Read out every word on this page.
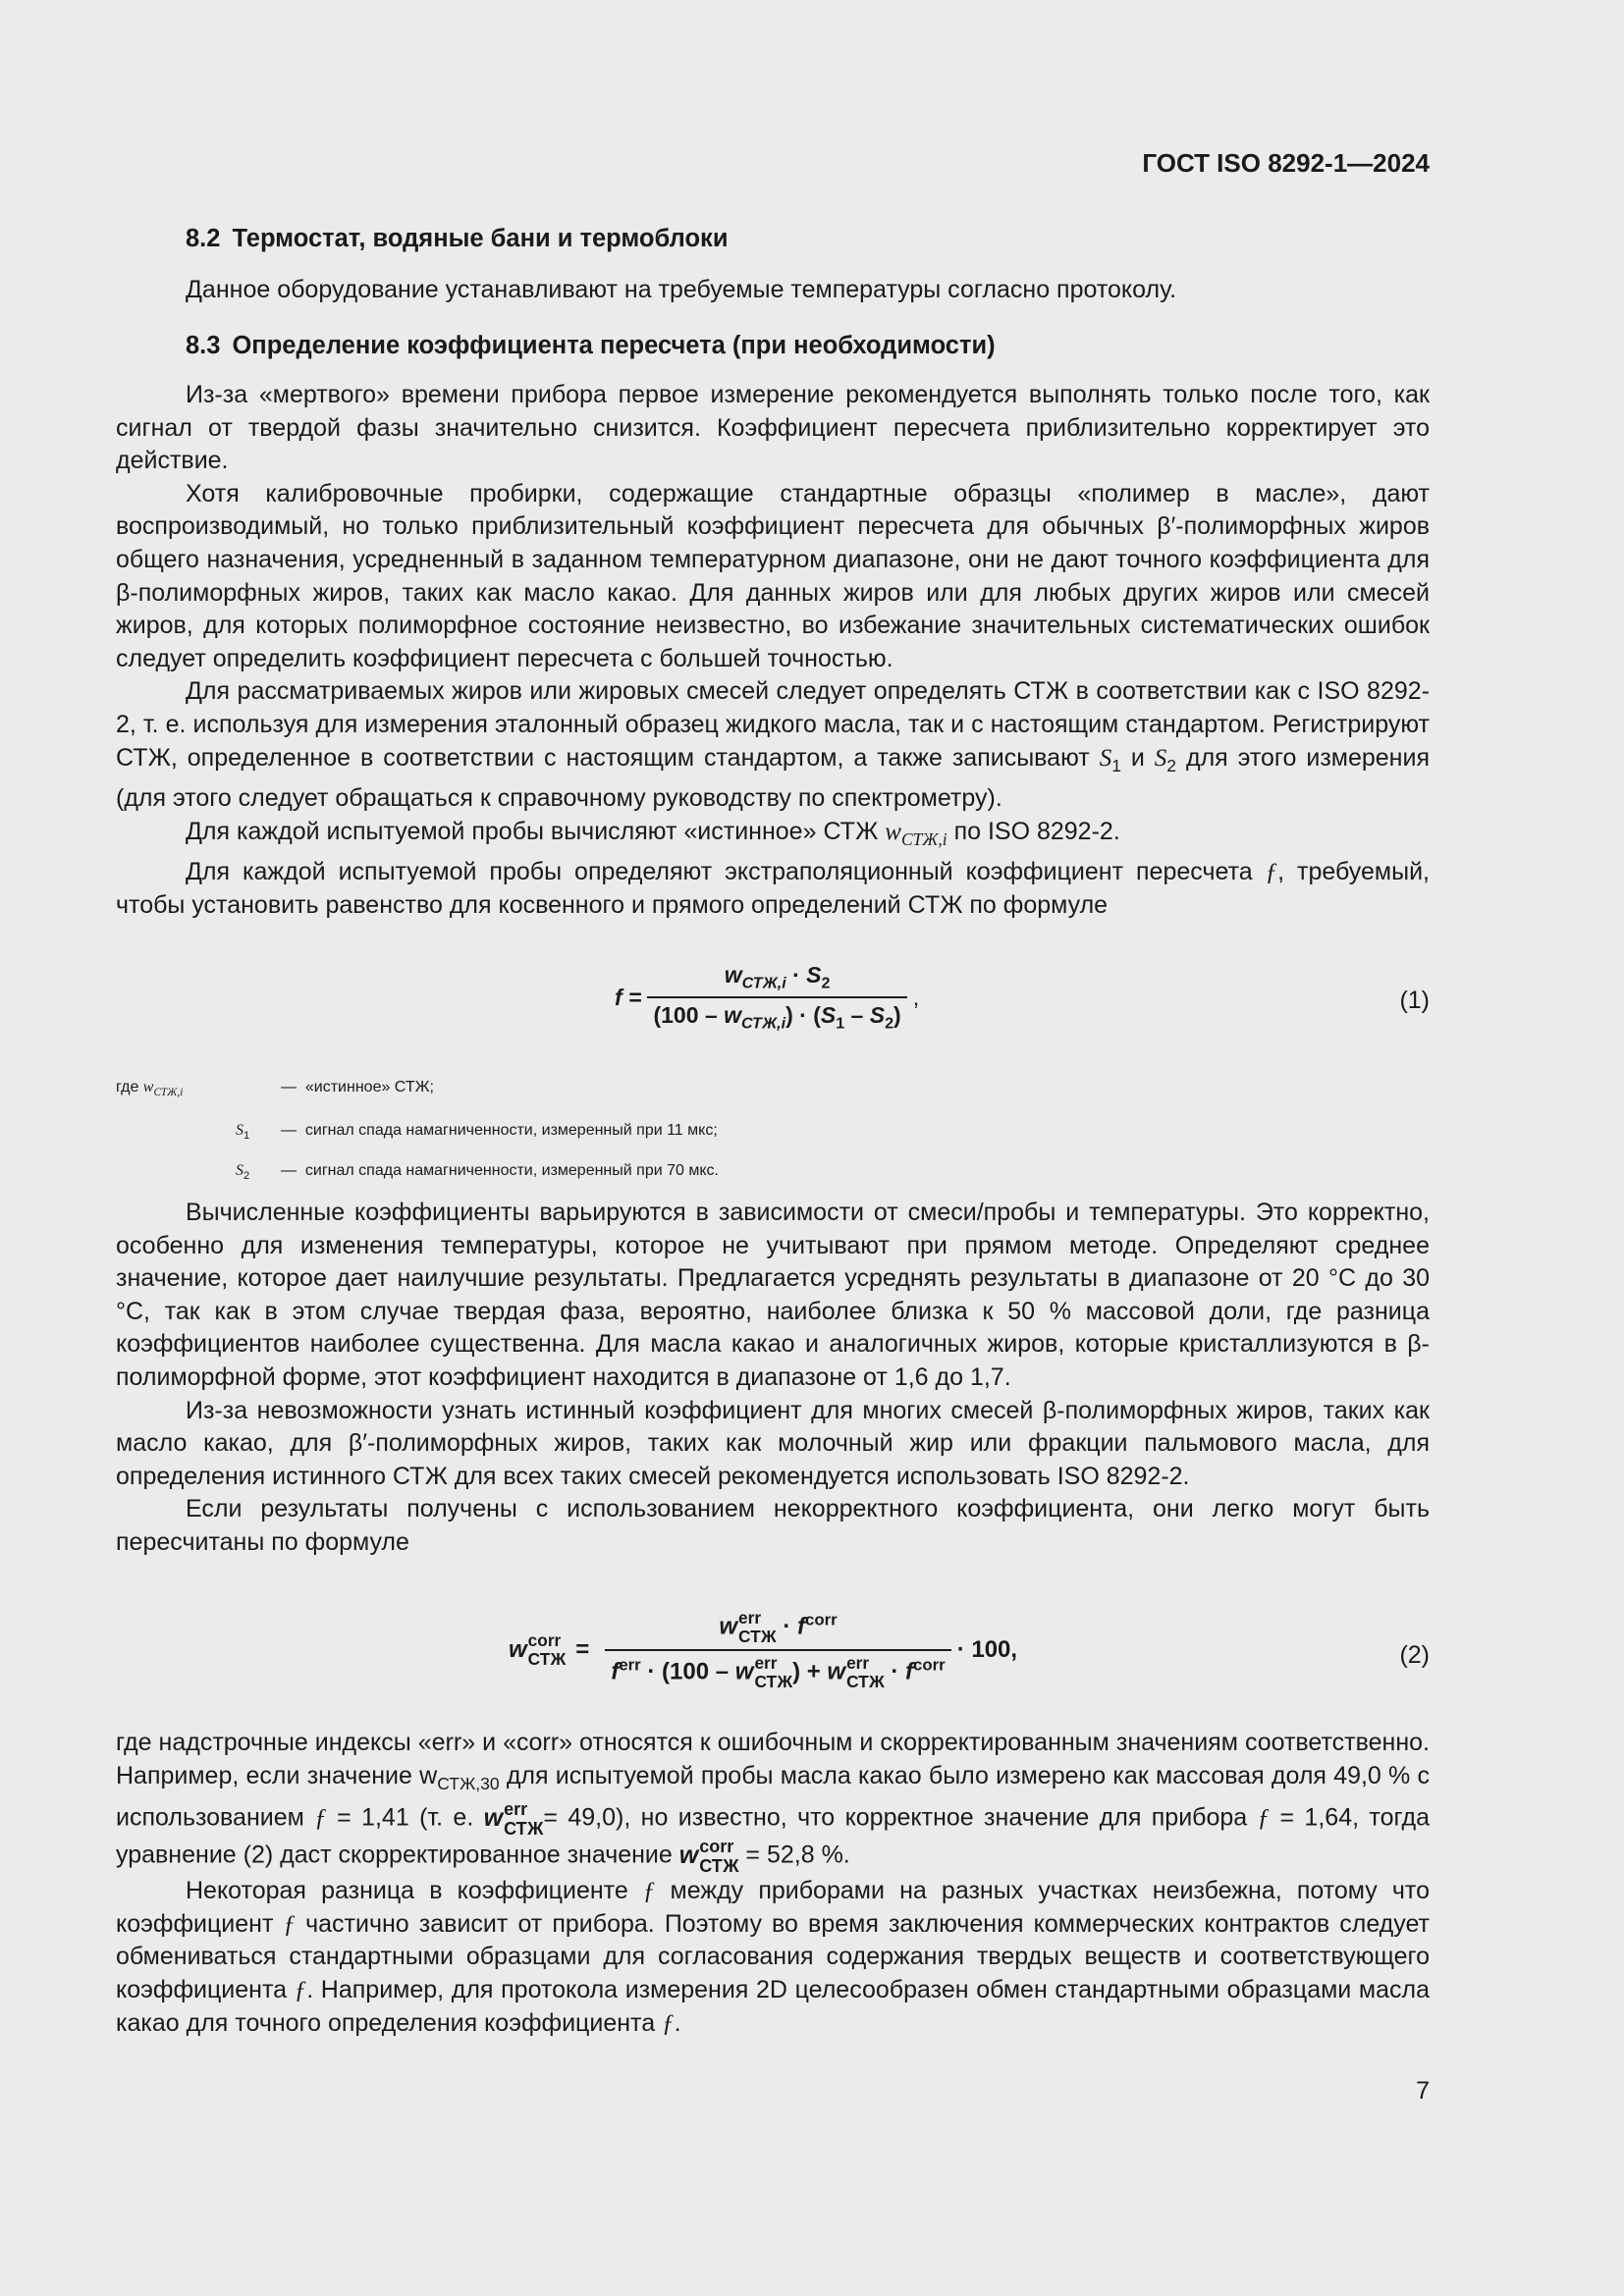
ГОСТ ISO 8292-1—2024
8.2 Термостат, водяные бани и термоблоки
Данное оборудование устанавливают на требуемые температуры согласно протоколу.
8.3 Определение коэффициента пересчета (при необходимости)

Из-за «мертвого» времени прибора первое измерение рекомендуется выполнять только после того, как сигнал от твердой фазы значительно снизится. Коэффициент пересчета приблизительно корректирует это действие.

Хотя калибровочные пробирки, содержащие стандартные образцы «полимер в масле», дают воспроизводимый, но только приблизительный коэффициент пересчета для обычных β′-полиморфных жиров общего назначения, усредненный в заданном температурном диапазоне, они не дают точного коэффициента для β-полиморфных жиров, таких как масло какао. Для данных жиров или для любых других жиров или смесей жиров, для которых полиморфное состояние неизвестно, во избежание значительных систематических ошибок следует определить коэффициент пересчета с большей точностью.

Для рассматриваемых жиров или жировых смесей следует определять СТЖ в соответствии как с ISO 8292-2, т. е. используя для измерения эталонный образец жидкого масла, так и с настоящим стандартом. Регистрируют СТЖ, определенное в соответствии с настоящим стандартом, а также записывают $S_1$ и $S_2$ для этого измерения (для этого следует обращаться к справочному руководству по спектрометру).

Для каждой испытуемой пробы вычисляют «истинное» СТЖ $w_{СТЖ,i}$ по ISO 8292-2.

Для каждой испытуемой пробы определяют экстраполяционный коэффициент пересчета ƒ, требуемый, чтобы установить равенство для косвенного и прямого определений СТЖ по формуле

$f = \frac{w_{СТЖ,i} \cdot S_2}{(100 - w_{СТЖ,i}) \cdot (S_1 - S_2)}$ ,	(1)
где $w_{СТЖ,i}$	— «истинное» СТЖ;
$S_1$ — сигнал спада намагниченности, измеренный при 11 мкс;
$S_2$ — сигнал спада намагниченности, измеренный при 70 мкс.

Вычисленные коэффициенты варьируются в зависимости от смеси/пробы и температуры. Это корректно, особенно для изменения температуры, которое не учитывают при прямом методе. Определяют среднее значение, которое дает наилучшие результаты. Предлагается усреднять результаты в диапазоне от 20 °С до 30 °С, так как в этом случае твердая фаза, вероятно, наиболее близка к 50 % массовой доли, где разница коэффициентов наиболее существенна. Для масла какао и аналогичных жиров, которые кристаллизуются в β-полиморфной форме, этот коэффициент находится в диапазоне от 1,6 до 1,7.

Из-за невозможности узнать истинный коэффициент для многих смесей β-полиморфных жиров, таких как масло какао, для β′-полиморфных жиров, таких как молочный жир или фракции пальмового масла, для определения истинного СТЖ для всех таких смесей рекомендуется использовать ISO 8292-2.

Если результаты получены с использованием некорректного коэффициента, они легко могут быть пересчитаны по формуле

w corr
СТЖ = w err
СТЖ · $f^{corr}$
$f^{err} \cdot (100 - w$ err
СТЖ ) + w err
СТЖ · $f^{corr} \cdot 100$,	(2)

где надстрочные индексы «err» и «corr» относятся к ошибочным и скорректированным значениям соответственно. Например, если значение $w_{СТЖ,30}$ для испытуемой пробы масла какао было измерено как массовая доля 49,0 % с использованием ƒ = 1,41 (т. е. w err
СТЖ = 49,0), но известно, что корректное значение для прибора ƒ = 1,64, тогда уравнение (2) даст скорректированное значение w corr
СТЖ = 52,8 %.

Некоторая разница в коэффициенте ƒ между приборами на разных участках неизбежна, потому что коэффициент ƒ частично зависит от прибора. Поэтому во время заключения коммерческих контрактов следует обмениваться стандартными образцами для согласования содержания твердых веществ и соответствующего коэффициента ƒ. Например, для протокола измерения 2D целесообразен обмен стандартными образцами масла какао для точного определения коэффициента ƒ.

7
